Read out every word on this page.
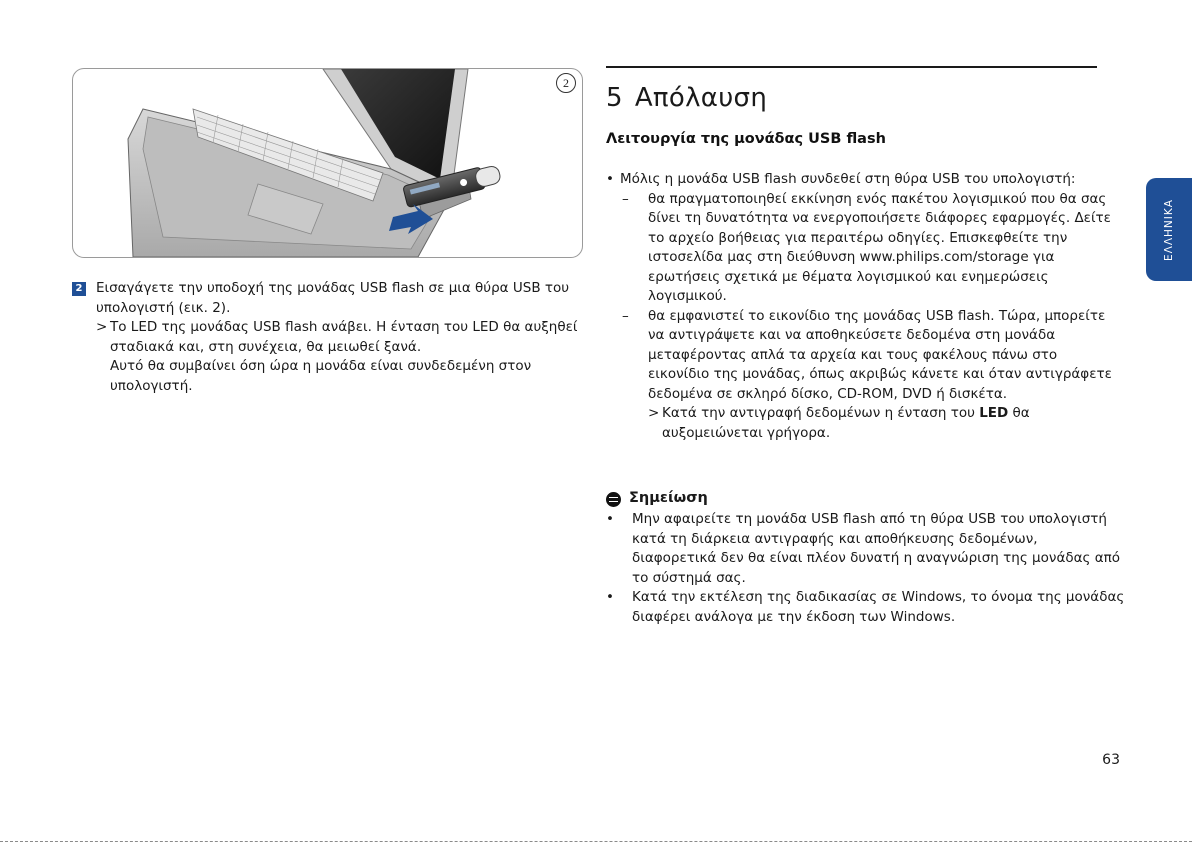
2
2 Εισαγάγετε την υποδοχή της μονάδας USB flash σε μια θύρα USB του υπολογιστή (εικ. 2).
> Το LED της μονάδας USB flash ανάβει. Η ένταση του LED θα αυξηθεί σταδιακά και, στη συνέχεια, θα μειωθεί ξανά.
Αυτό θα συμβαίνει όση ώρα η μονάδα είναι συνδεδεμένη στον υπολογιστή.
5 Απόλαυση
Λειτουργία της μονάδας USB flash
• Μόλις η μονάδα USB flash συνδεθεί στη θύρα USB του υπολογιστή:
–	θα πραγματοποιηθεί εκκίνηση ενός πακέτου λογισμικού που θα σας δίνει τη δυνατότητα να ενεργοποιήσετε διάφορες εφαρμογές. Δείτε το αρχείο βοήθειας για περαιτέρω οδηγίες. Επισκεφθείτε την ιστοσελίδα μας στη διεύθυνση www.philips.com/storage για ερωτήσεις σχετικά με θέματα λογισμικού και ενημερώσεις λογισμικού.
–	θα εμφανιστεί το εικονίδιο της μονάδας USB flash. Τώρα, μπορείτε να αντιγράψετε και να αποθηκεύσετε δεδομένα στη μονάδα μεταφέροντας απλά τα αρχεία και τους φακέλους πάνω στο εικονίδιο της μονάδας, όπως ακριβώς κάνετε και όταν αντιγράφετε δεδομένα σε σκληρό δίσκο, CD-ROM, DVD ή δισκέτα.
> Κατά την αντιγραφή δεδομένων η ένταση του LED θα αυξομειώνεται γρήγορα.
Σημείωση
•	Μην αφαιρείτε τη μονάδα USB flash από τη θύρα USB του υπολογιστή κατά τη διάρκεια αντιγραφής και αποθήκευσης δεδομένων, διαφορετικά δεν θα είναι πλέον δυνατή η αναγνώριση της μονάδας από το σύστημά σας.
•	Κατά την εκτέλεση της διαδικασίας σε Windows, το όνομα της μονάδας διαφέρει ανάλογα με την έκδοση των Windows.
ΕΛΛΗΝΙΚΑ
63
